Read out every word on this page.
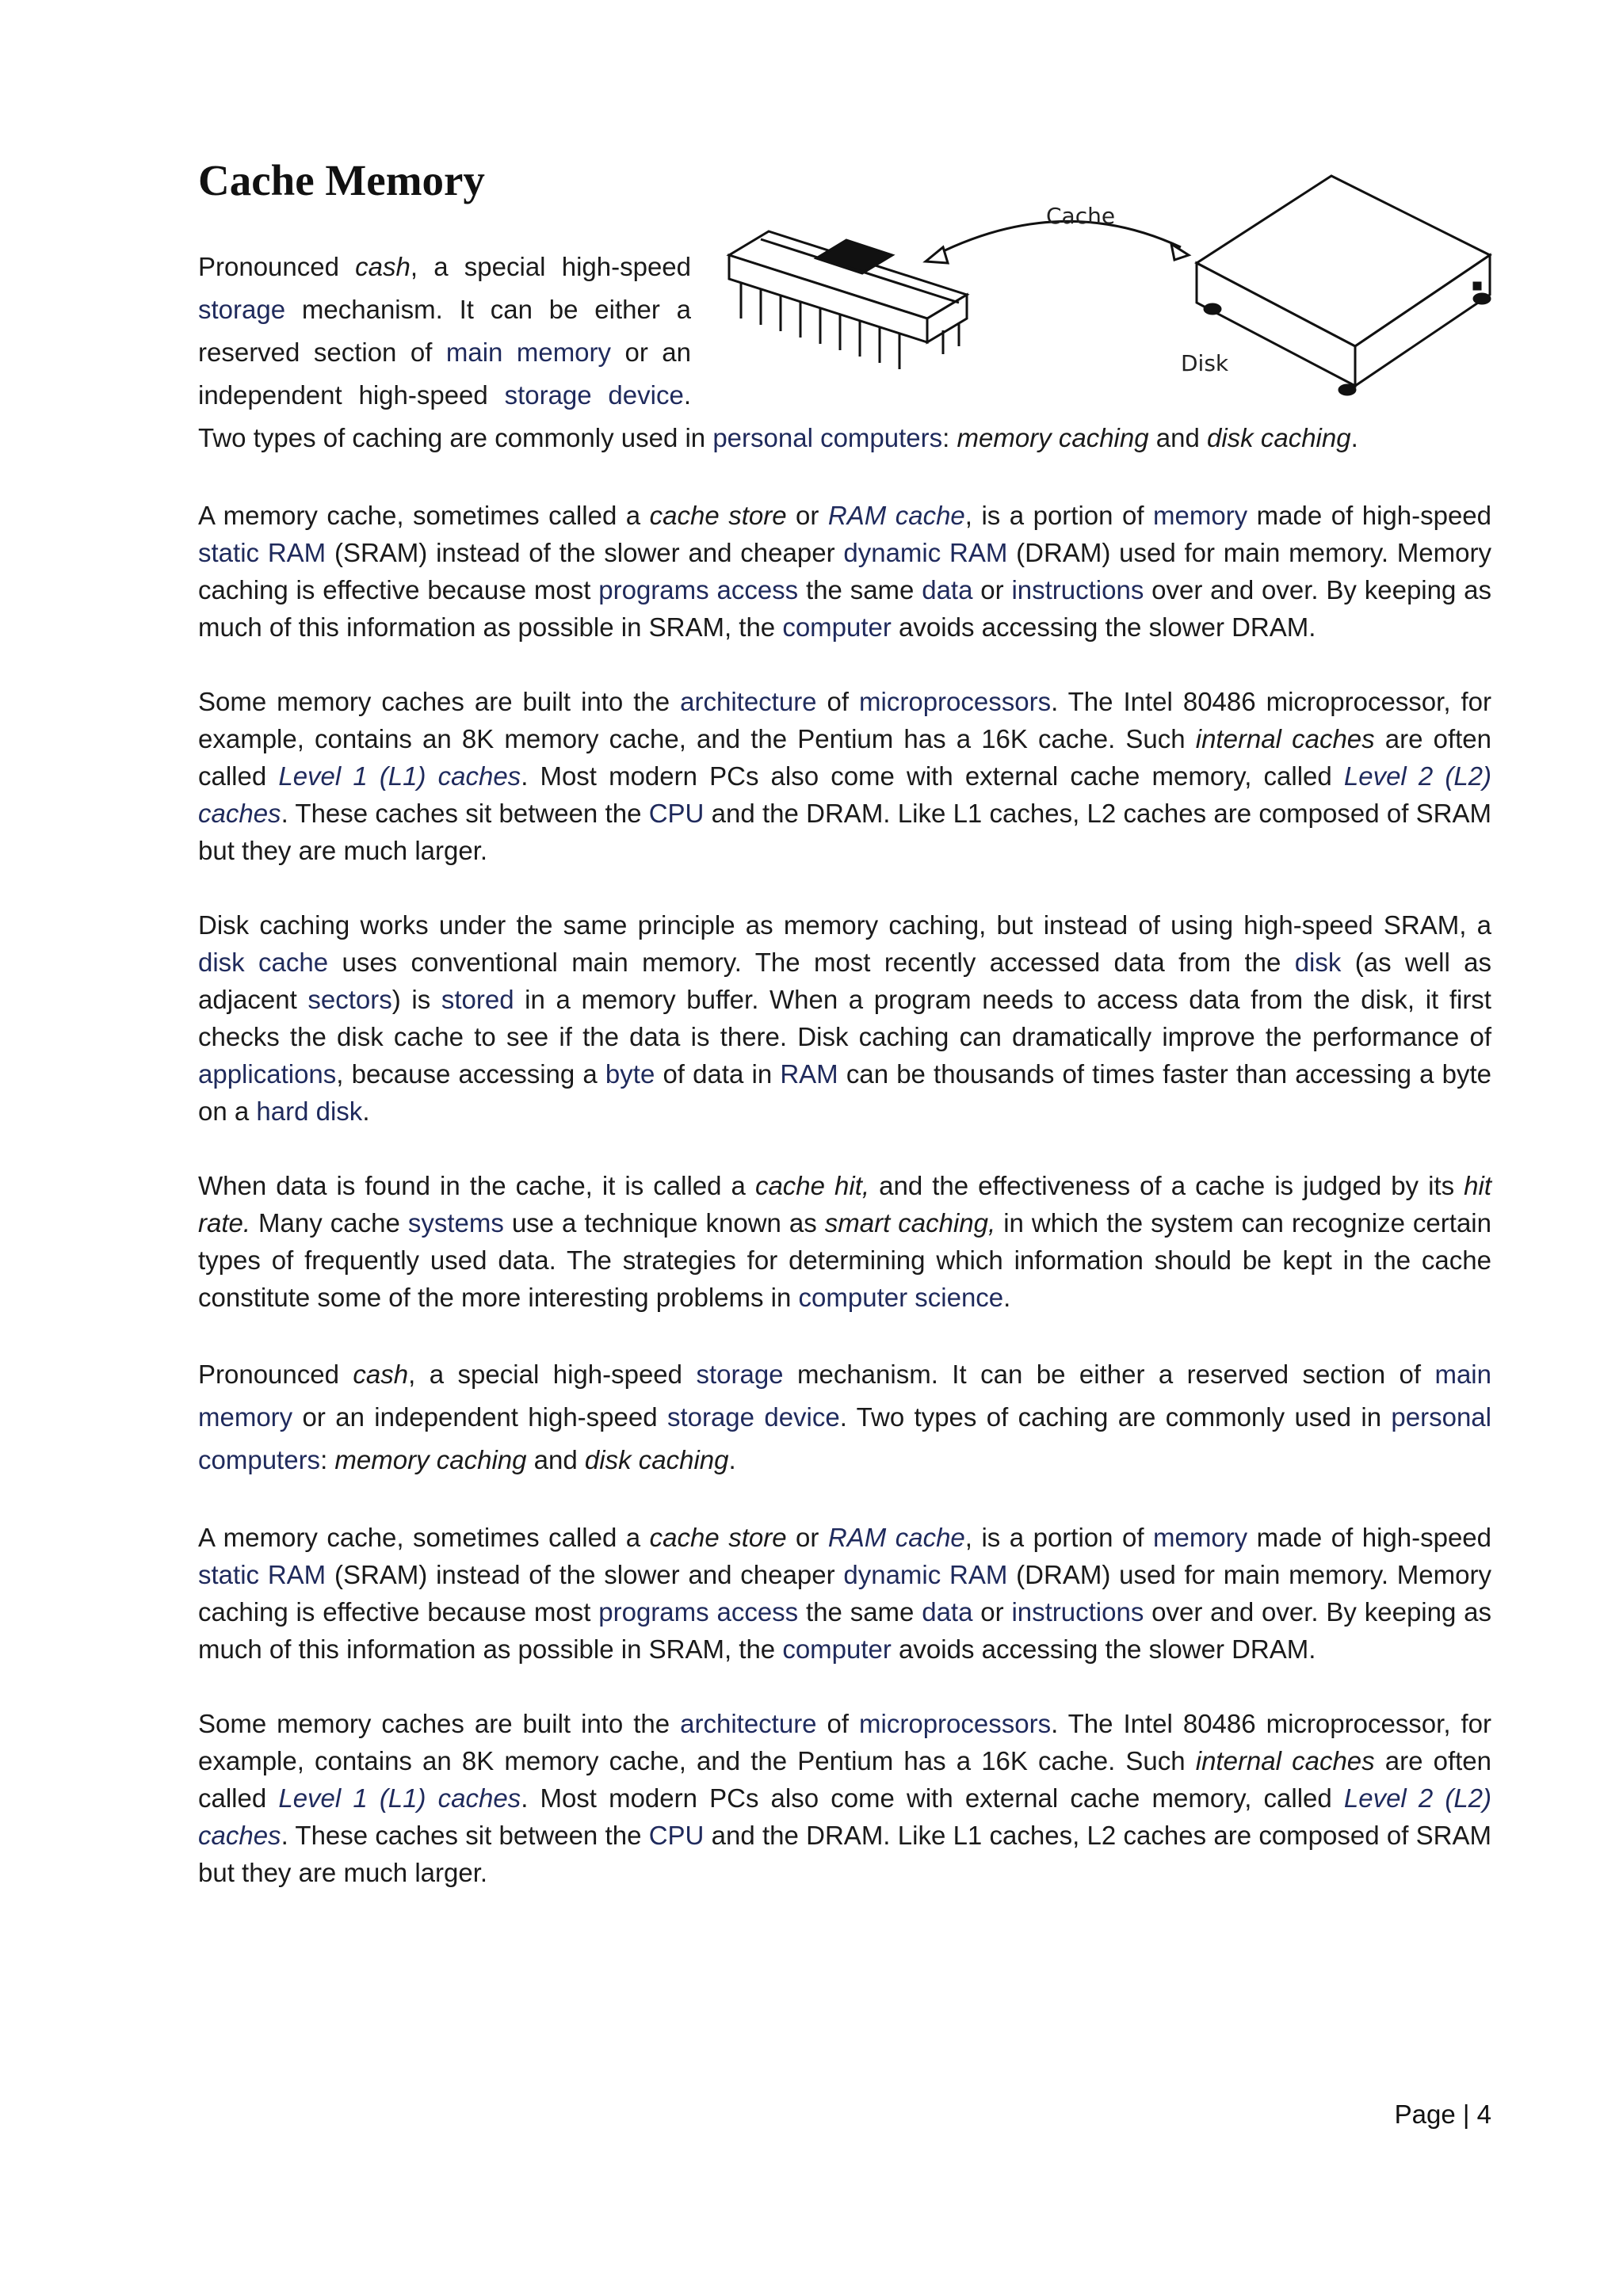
Cache Memory

Cache
Disk
Pronounced cash, a special high-speed storage mechanism. It can be either a reserved section of main memory or an independent high-speed storage device. Two types of caching are commonly used in personal computers: memory caching and disk caching.

A memory cache, sometimes called a cache store or RAM cache, is a portion of memory made of high-speed static RAM (SRAM) instead of the slower and cheaper dynamic RAM (DRAM) used for main memory. Memory caching is effective because most programs access the same data or instructions over and over. By keeping as much of this information as possible in SRAM, the computer avoids accessing the slower DRAM.

Some memory caches are built into the architecture of microprocessors. The Intel 80486 microprocessor, for example, contains an 8K memory cache, and the Pentium has a 16K cache. Such internal caches are often called Level 1 (L1) caches. Most modern PCs also come with external cache memory, called Level 2 (L2) caches. These caches sit between the CPU and the DRAM. Like L1 caches, L2 caches are composed of SRAM but they are much larger.

Disk caching works under the same principle as memory caching, but instead of using high-speed SRAM, a disk cache uses conventional main memory. The most recently accessed data from the disk (as well as adjacent sectors) is stored in a memory buffer. When a program needs to access data from the disk, it first checks the disk cache to see if the data is there. Disk caching can dramatically improve the performance of applications, because accessing a byte of data in RAM can be thousands of times faster than accessing a byte on a hard disk.

When data is found in the cache, it is called a cache hit, and the effectiveness of a cache is judged by its hit rate. Many cache systems use a technique known as smart caching, in which the system can recognize certain types of frequently used data. The strategies for determining which information should be kept in the cache constitute some of the more interesting problems in computer science.

Pronounced cash, a special high-speed storage mechanism. It can be either a reserved section of main memory or an independent high-speed storage device. Two types of caching are commonly used in personal computers: memory caching and disk caching.

A memory cache, sometimes called a cache store or RAM cache, is a portion of memory made of high-speed static RAM (SRAM) instead of the slower and cheaper dynamic RAM (DRAM) used for main memory. Memory caching is effective because most programs access the same data or instructions over and over. By keeping as much of this information as possible in SRAM, the computer avoids accessing the slower DRAM.

Some memory caches are built into the architecture of microprocessors. The Intel 80486 microprocessor, for example, contains an 8K memory cache, and the Pentium has a 16K cache. Such internal caches are often called Level 1 (L1) caches. Most modern PCs also come with external cache memory, called Level 2 (L2) caches. These caches sit between the CPU and the DRAM. Like L1 caches, L2 caches are composed of SRAM but they are much larger.

Page | 4
